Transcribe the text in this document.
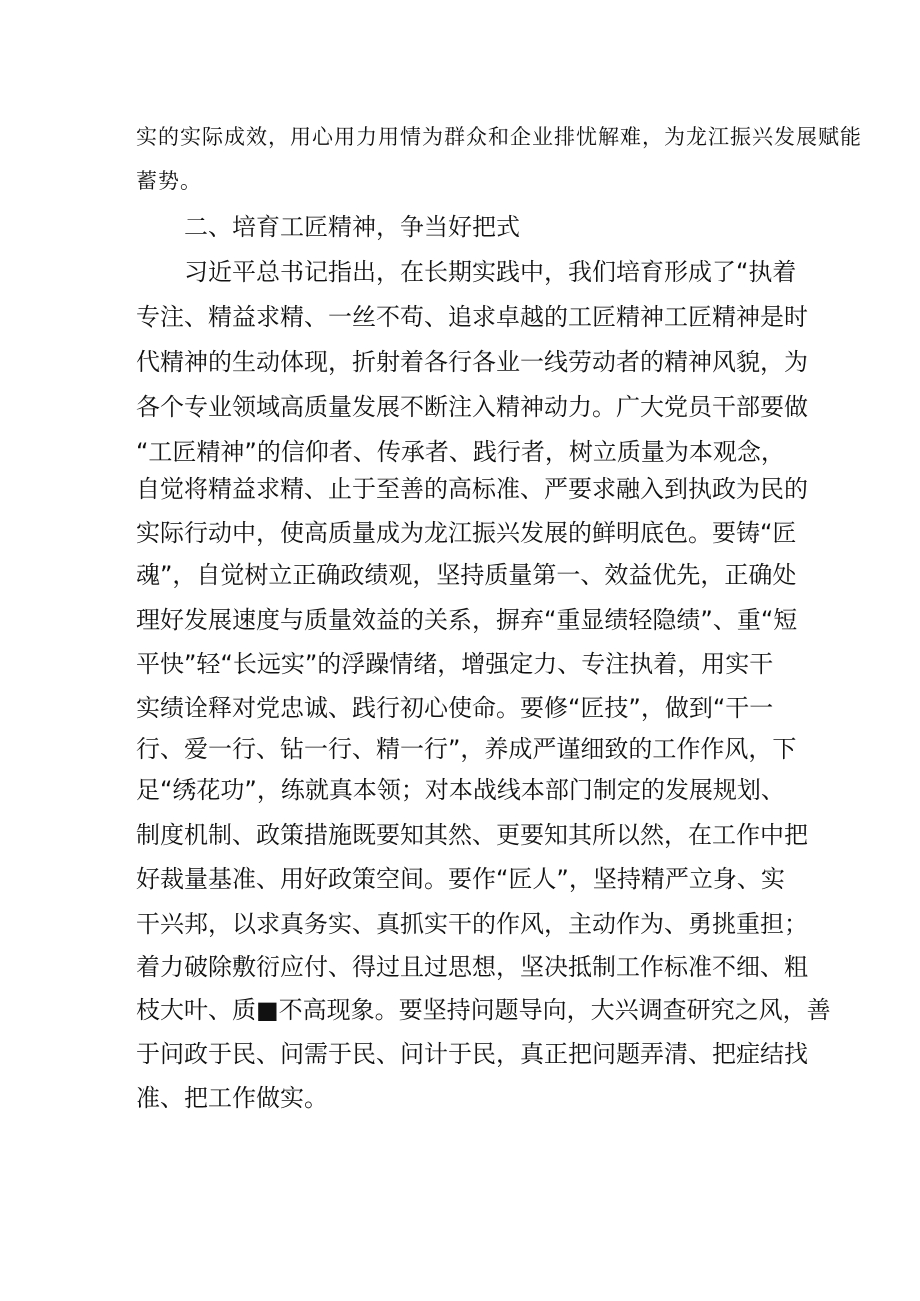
实的实际成效，用心用力用情为群众和企业排忧解难，为龙江振兴发展赋能
蓄势。
二、培育工匠精神，争当好把式
习近平总书记指出，在长期实践中，我们培育形成了“执着
专注、精益求精、一丝不苟、追求卓越的工匠精神工匠精神是时
代精神的生动体现，折射着各行各业一线劳动者的精神风貌，为
各个专业领域高质量发展不断注入精神动力。广大党员干部要做
“工匠精神”的信仰者、传承者、践行者，树立质量为本观念，
自觉将精益求精、止于至善的高标准、严要求融入到执政为民的
实际行动中，使高质量成为龙江振兴发展的鲜明底色。要铸“匠
魂”，自觉树立正确政绩观，坚持质量第一、效益优先，正确处
理好发展速度与质量效益的关系，摒弃“重显绩轻隐绩”、重“短
平快”轻“长远实”的浮躁情绪，增强定力、专注执着，用实干
实绩诠释对党忠诚、践行初心使命。要修“匠技”，做到“干一
行、爱一行、钻一行、精一行”，养成严谨细致的工作作风，下
足“绣花功”，练就真本领；对本战线本部门制定的发展规划、
制度机制、政策措施既要知其然、更要知其所以然，在工作中把
好裁量基准、用好政策空间。要作“匠人”，坚持精严立身、实
干兴邦，以求真务实、真抓实干的作风，主动作为、勇挑重担；
着力破除敷衍应付、得过且过思想，坚决抵制工作标准不细、粗
枝大叶、质■不高现象。要坚持问题导向，大兴调查研究之风，善
于问政于民、问需于民、问计于民，真正把问题弄清、把症结找
准、把工作做实。
